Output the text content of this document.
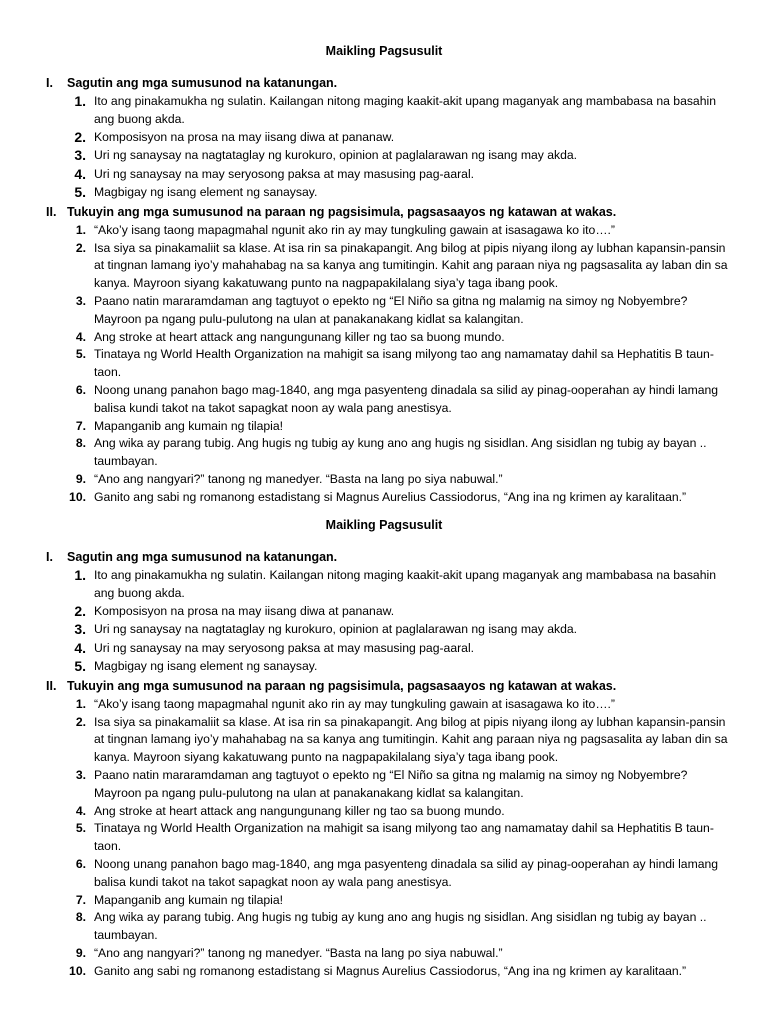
Maikling Pagsusulit
I. Sagutin ang mga sumusunod na katanungan.
1. Ito ang pinakamukha ng sulatin. Kailangan nitong maging kaakit-akit upang maganyak ang mambabasa na basahin ang buong akda.
2. Komposisyon na prosa na may iisang diwa at pananaw.
3. Uri ng sanaysay na nagtataglay ng kurokuro, opinion at paglalarawan ng isang may akda.
4. Uri ng sanaysay na may seryosong paksa at may masusing pag-aaral.
5. Magbigay ng isang element ng sanaysay.
II. Tukuyin ang mga sumusunod na paraan ng pagsisimula, pagsasaayos ng katawan at wakas.
1. “Ako’y isang taong mapagmahal ngunit ako rin ay may tungkuling gawain at isasagawa ko ito….”
2. Isa siya sa pinakamaliit sa klase. At isa rin sa pinakapangit. Ang bilog at pipis niyang ilong ay lubhan kapansin-pansin at tingnan lamang iyo’y mahahabag na sa kanya ang tumitingin. Kahit ang paraan niya ng pagsasalita ay laban din sa kanya. Mayroon siyang kakatuwang punto na nagpapakilalang siya’y taga ibang pook.
3. Paano natin mararamdaman ang tagtuyot o epekto ng “El Niño sa gitna ng malamig na simoy ng Nobyembre? Mayroon pa ngang pulu-pulutong na ulan at panakanakang kidlat sa kalangitan.
4. Ang stroke at heart attack ang nangungunang killer ng tao sa buong mundo.
5. Tinataya ng World Health Organization na mahigit sa isang milyong tao ang namamatay dahil sa Hephatitis B taun-taon.
6. Noong unang panahon bago mag-1840, ang mga pasyenteng dinadala sa silid ay pinag-ooperahan ay hindi lamang balisa kundi takot na takot sapagkat noon ay wala pang anestisya.
7. Mapanganib ang kumain ng tilapia!
8. Ang wika ay parang tubig. Ang hugis ng tubig ay kung ano ang hugis ng sisidlan. Ang sisidlan ng tubig ay bayan .. taumbayan.
9. “Ano ang nangyari?” tanong ng manedyer. “Basta na lang po siya nabuwal.”
10. Ganito ang sabi ng romanong estadistang si Magnus Aurelius Cassiodorus, “Ang ina ng krimen ay karalitaan.”
Maikling Pagsusulit
I. Sagutin ang mga sumusunod na katanungan.
1. Ito ang pinakamukha ng sulatin. Kailangan nitong maging kaakit-akit upang maganyak ang mambabasa na basahin ang buong akda.
2. Komposisyon na prosa na may iisang diwa at pananaw.
3. Uri ng sanaysay na nagtataglay ng kurokuro, opinion at paglalarawan ng isang may akda.
4. Uri ng sanaysay na may seryosong paksa at may masusing pag-aaral.
5. Magbigay ng isang element ng sanaysay.
II. Tukuyin ang mga sumusunod na paraan ng pagsisimula, pagsasaayos ng katawan at wakas.
1. “Ako’y isang taong mapagmahal ngunit ako rin ay may tungkuling gawain at isasagawa ko ito….”
2. Isa siya sa pinakamaliit sa klase. At isa rin sa pinakapangit. Ang bilog at pipis niyang ilong ay lubhan kapansin-pansin at tingnan lamang iyo’y mahahabag na sa kanya ang tumitingin. Kahit ang paraan niya ng pagsasalita ay laban din sa kanya. Mayroon siyang kakatuwang punto na nagpapakilalang siya’y taga ibang pook.
3. Paano natin mararamdaman ang tagtuyot o epekto ng “El Niño sa gitna ng malamig na simoy ng Nobyembre? Mayroon pa ngang pulu-pulutong na ulan at panakanakang kidlat sa kalangitan.
4. Ang stroke at heart attack ang nangungunang killer ng tao sa buong mundo.
5. Tinataya ng World Health Organization na mahigit sa isang milyong tao ang namamatay dahil sa Hephatitis B taun-taon.
6. Noong unang panahon bago mag-1840, ang mga pasyenteng dinadala sa silid ay pinag-ooperahan ay hindi lamang balisa kundi takot na takot sapagkat noon ay wala pang anestisya.
7. Mapanganib ang kumain ng tilapia!
8. Ang wika ay parang tubig. Ang hugis ng tubig ay kung ano ang hugis ng sisidlan. Ang sisidlan ng tubig ay bayan .. taumbayan.
9. “Ano ang nangyari?” tanong ng manedyer. “Basta na lang po siya nabuwal.”
10. Ganito ang sabi ng romanong estadistang si Magnus Aurelius Cassiodorus, “Ang ina ng krimen ay karalitaan.”
